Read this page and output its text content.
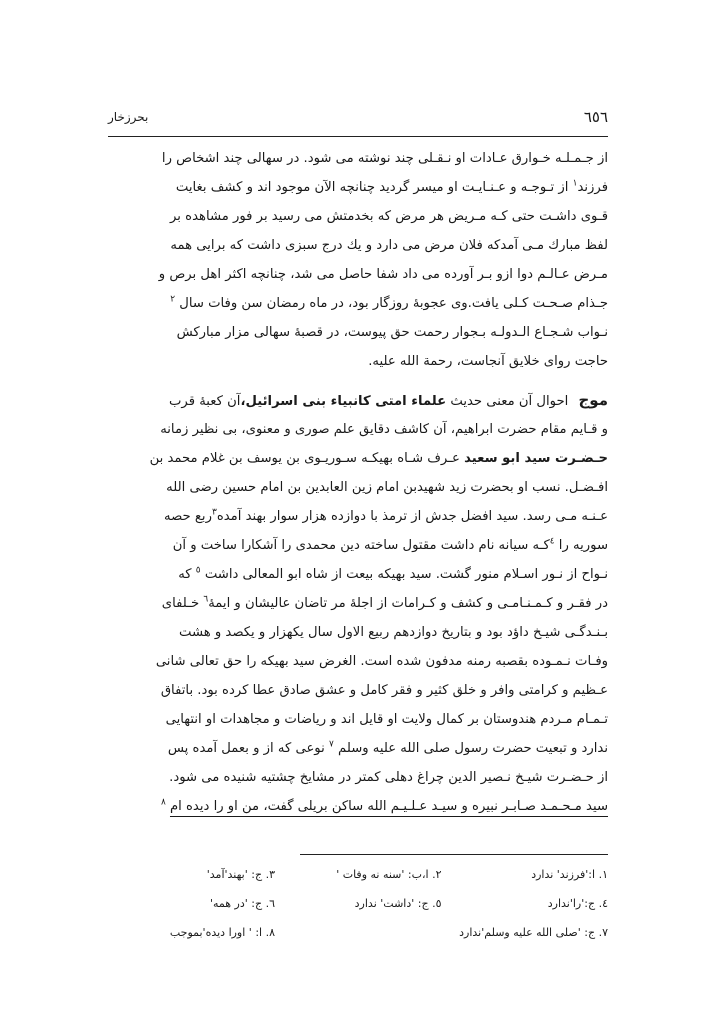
٦٥٦
بحرزخار
از جـمـلـه خـوارق عـادات او نـقـلی چند نوشته می شود. در سهالی چند اشخاص را
فرزند$^١$ از تـوجـه و عـنـایـت او میسر گردید چنانچه الآن موجود اند و کشف بغایت
قـوی داشـت حتی کـه مـریض هر مرض که بخدمتش می رسید بر فور مشاهده بر
لفظ مبارك مـی آمدکه فلان مرض می دارد و یك درج سبزی داشت که برایی همه
مـرض عـالـم دوا ازو بـر آورده می داد شفا حاصل می شد، چنانچه اکثر اهل برص و
جـذام صـحـت کـلی یافت.وی عجوبهٔ روزگار بود، در ماه رمضان سن وفات سال $^٢$
نـواب شـجـاع الـدولـه بـجوار رحمت حق پیوست، در قصبهٔ سهالی مزار مبارکش
حاجت روای خلایق آنجاست، رحمة الله علیه.
موج احوال آن معنی حدیث علماء امتی کانبیاء بنی اسرائیل،آن کعبهٔ قرب
و قـایم مقام حضرت ابراهیم، آن کاشف دقایق علم صوری و معنوی، بی نظیر زمانه
حـضـرت سید ابو سعید عـرف شـاه بهیکـه سـوریـوی بن یوسف بن غلام محمد بن
افـضـل. نسب او بحضرت زید شهیدبن امام زین العابدین بن امام حسین رضی الله
عـنـه مـی رسد. سید افضل جدش از ترمذ با دوازده هزار سوار بهند آمده$^٣$ربع حصه
سوریه را $^٤$کـه سیانه نام داشت مقتول ساخته دین محمدی را آشکارا ساخت و آن
نـواح از نـور اسـلام منور گشت. سید بهیکه بیعت از شاه ابو المعالی داشت $^٥$ که
در فقـر و کـمـنـامـی و کشف و کـرامات از اجلهٔ مر تاضان عالیشان و ایمهٔ$^٦$ خـلفای
بـنـدگـی شیـخ داؤد بود و بتاریخ دوازدهم ربیع الاول سال یکهزار و یکصد و هشت
وفـات نـمـوده بقصبه رمنه مدفون شده است. الغرض سید بهیکه را حق تعالی شانی
عـظیم و کرامتی وافر و خلق کثیر و فقر کامل و عشق صادق عطا کرده بود. باتفاق
تـمـام مـردم هندوستان بر کمال ولایت او قایل اند و ریاضات و مجاهدات او انتهایی
ندارد و تبعیت حضرت رسول صلی الله علیه وسلم $^٧$ نوعی که از و بعمل آمده پس
از حـضـرت شیـخ نـصیر الدین چراغ دهلی کمتر در مشایخ چشتیه شنیده می شود.
سید مـحـمـد صـابـر نبیره و سیـد عـلـیـم الله ساکن بریلی گفت، من او را دیده ام $^٨$
١. ا:'فرزند' ندارد
٢. ا،ب: 'سنه نه وفات '
٣. ج: 'بهند'آمد'
٤. ج:'را'ندارد
٥. ج: 'داشت' ندارد
٦. ج: 'در همه'
٧. ج: 'صلی الله علیه وسلم'ندارد
٨. ا: ' اورا دیده'بموجب
